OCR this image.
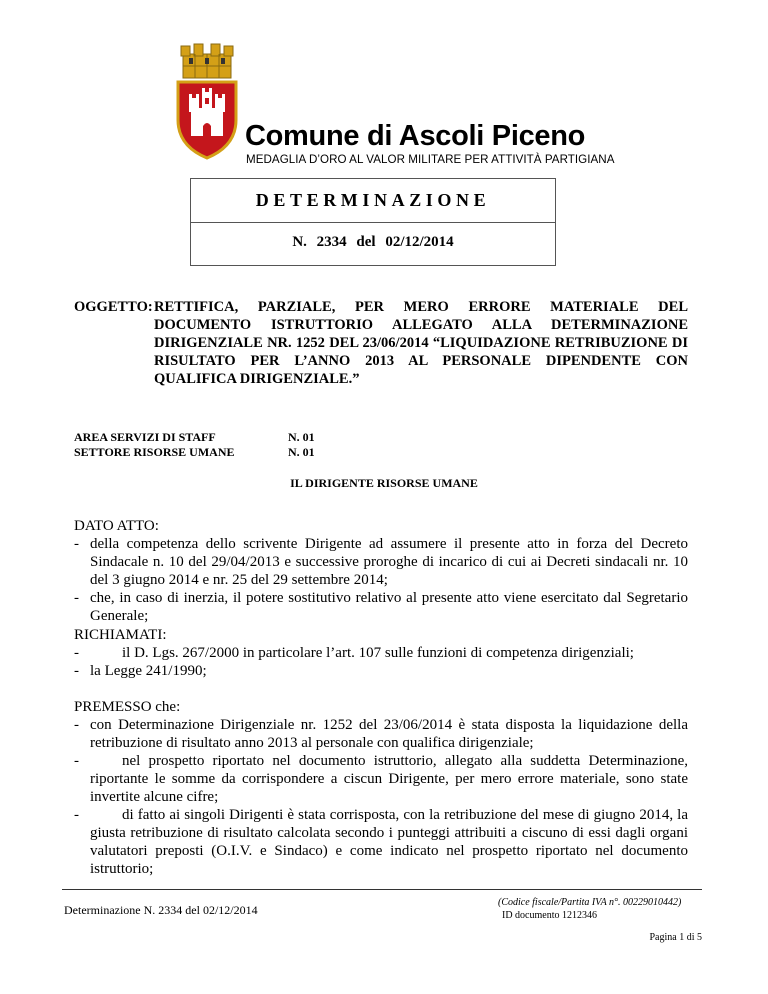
Comune di Ascoli Piceno
MEDAGLIA D’ORO AL VALOR MILITARE PER ATTIVITÀ PARTIGIANA
DETERMINAZIONE
N. 2334 del 02/12/2014
OGGETTO: RETTIFICA, PARZIALE, PER MERO ERRORE MATERIALE DEL DOCUMENTO ISTRUTTORIO ALLEGATO ALLA DETERMINAZIONE DIRIGENZIALE NR. 1252 DEL 23/06/2014 “LIQUIDAZIONE RETRIBUZIONE DI RISULTATO PER L’ANNO 2013 AL PERSONALE DIPENDENTE CON QUALIFICA DIRIGENZIALE.”

AREA SERVIZI DI STAFF	N. 01
SETTORE RISORSE UMANE	N. 01
IL DIRIGENTE RISORSE UMANE

DATO ATTO:

- della competenza dello scrivente Dirigente ad assumere il presente atto in forza del Decreto Sindacale n. 10 del 29/04/2013 e successive proroghe di incarico di cui ai Decreti sindacali nr. 10 del 3 giugno 2014 e nr. 25 del 29 settembre 2014;

- che, in caso di inerzia, il potere sostitutivo relativo al presente atto viene esercitato dal Segretario Generale;

RICHIAMATI:

-	il D. Lgs. 267/2000 in particolare l’art. 107 sulle funzioni di competenza dirigenziali;

- la Legge 241/1990;

PREMESSO che:

- con Determinazione Dirigenziale nr. 1252 del 23/06/2014 è stata disposta la liquidazione della retribuzione di risultato anno 2013 al personale con qualifica dirigenziale;

-	nel prospetto riportato nel documento istruttorio, allegato alla suddetta Determinazione, riportante le somme da corrispondere a ciscun Dirigente, per mero errore materiale, sono state invertite alcune cifre;

-	di fatto ai singoli Dirigenti è stata corrisposta, con la retribuzione del mese di giugno 2014, la giusta retribuzione di risultato calcolata secondo i punteggi attribuiti a ciscuno di essi dagli organi valutatori preposti (O.I.V. e Sindaco) e come indicato nel prospetto riportato nel documento istruttorio;

Determinazione N. 2334 del 02/12/2014
(Codice fiscale/Partita IVA n°. 00229010442)
ID documento 1212346
Pagina 1 di 5
